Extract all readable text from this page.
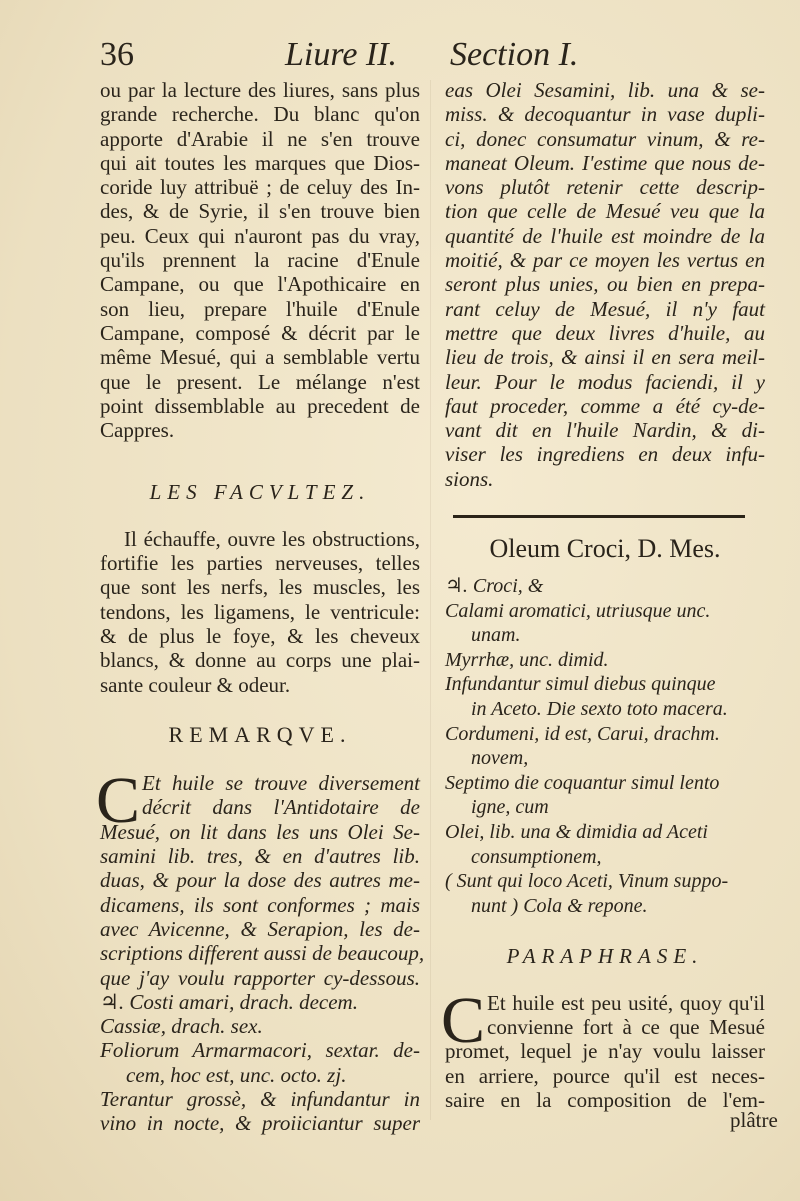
36	Liure II. Section I.
ou par la lecture des liures, sans plus
grande recherche. Du blanc qu'on
apporte d'Arabie il ne s'en trouve
qui ait toutes les marques que Dios-
coride luy attribuë ; de celuy des In-
des, & de Syrie, il s'en trouve bien
peu. Ceux qui n'auront pas du vray,
qu'ils prennent la racine d'Enule
Campane, ou que l'Apothicaire en
son lieu, prepare l'huile d'Enule
Campane, composé & décrit par le
même Mesué, qui a semblable vertu
que le present. Le mélange n'est
point dissemblable au precedent de
Cappres.
LES FACVLTEZ.
Il échauffe, ouvre les obstructions,
fortifie les parties nerveuses, telles
que sont les nerfs, les muscles, les
tendons, les ligamens, le ventricule:
& de plus le foye, & les cheveux
blancs, & donne au corps une plai-
sante couleur & odeur.
REMARQVE.
C Et huile se trouve diversement
décrit dans l'Antidotaire de
Mesué, on lit dans les uns Olei Se-
samini lib. tres, & en d'autres lib.
duas, & pour la dose des autres me-
dicamens, ils sont conformes ; mais
avec Avicenne, & Serapion, les de-
scriptions different aussi de beaucoup,
que j'ay voulu rapporter cy-dessous.
♃. Costi amari, drach. decem.
Cassiæ, drach. sex.
Foliorum Armarmacori, sextar. de-
cem, hoc est, unc. octo. zj.
Terantur grossè, & infundantur in
vino in nocte, & proiiciantur super
eas Olei Sesamini, lib. una & se-
miss. & decoquantur in vase dupli-
ci, donec consumatur vinum, & re-
maneat Oleum. I'estime que nous de-
vons plutôt retenir cette descrip-
tion que celle de Mesué veu que la
quantité de l'huile est moindre de la
moitié, & par ce moyen les vertus en
seront plus unies, ou bien en prepa-
rant celuy de Mesué, il n'y faut
mettre que deux livres d'huile, au
lieu de trois, & ainsi il en sera meil-
leur. Pour le modus faciendi, il y
faut proceder, comme a été cy-de-
vant dit en l'huile Nardin, & di-
viser les ingrediens en deux infu-
sions.
Oleum Croci, D. Mes.
♃. Croci, &
Calami aromatici, utriusque unc.
unam.
Myrrhæ, unc. dimid.
Infundantur simul diebus quinque
in Aceto. Die sexto toto macera.
Cordumeni, id est, Carui, drachm.
novem,
Septimo die coquantur simul lento
igne, cum
Olei, lib. una & dimidia ad Aceti
consumptionem,
( Sunt qui loco Aceti, Vinum suppo-
nunt ) Cola & repone.
PARAPHRASE.
C Et huile est peu usité, quoy qu'il
convienne fort à ce que Mesué
promet, lequel je n'ay voulu laisser
en arriere, pource qu'il est neces-
saire en la composition de l'em-
plâtre
